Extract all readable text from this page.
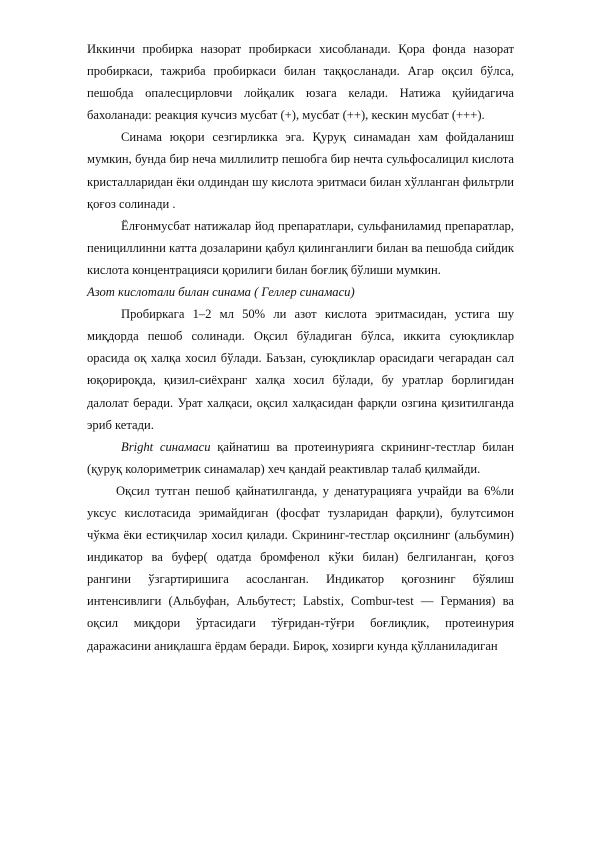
Иккинчи пробирка назорат пробиркаси хисобланади. Қора фонда назорат пробиркаси, тажриба пробиркаси билан таққосланади. Агар оқсил бўлса, пешобда опалесцирловчи лойқалик юзага келади. Натижа қуйидагича бахоланади: реакция кучсиз мусбат (+), мусбат (++), кескин мусбат (+++).

Синама юқори сезгирликка эга. Қуруқ синамадан хам фойдаланиш мумкин, бунда бир неча миллилитр пешобга бир нечта сульфосалицил кислота кристалларидан ёки олдиндан шу кислота эритмаси билан хўлланган фильтрли қоғоз солинади .

Ёлғонмусбат натижалар йод препаратлари, сульфаниламид препаратлар, пенициллинни катта дозаларини қабул қилинганлиги билан ва пешобда сийдик кислота концентрацияси қорилиги билан боғлиқ бўлиши мумкин.

Азот кислотали билан синама ( Геллер синамаси)

Пробиркага 1–2 мл 50% ли азот кислота эритмасидан, устига шу миқдорда пешоб солинади. Оқсил бўладиган бўлса, иккита суюқликлар орасида оқ халқа хосил бўлади. Баъзан, суюқликлар орасидаги чегарадан сал юқорироқда, қизил-сиёхранг халқа хосил бўлади, бу уратлар борлигидан далолат беради. Урат халқаси, оқсил халқасидан фарқли озгина қизитилганда эриб кетади.

Bright синамаси қайнатиш ва протеинурияга скрининг-тестлар билан (қуруқ колориметрик синамалар) хеч қандай реактивлар талаб қилмайди.

Оқсил тутган пешоб қайнатилганда, у денатурацияга учрайди ва 6%ли уксус кислотасида эримайдиган (фосфат тузларидан фарқли), булутсимон чўкма ёки естиқчилар хосил қилади. Скрининг-тестлар оқсилнинг (альбумин) индикатор ва буфер( одатда бромфенол кўки билан) белгиланган, қоғоз рангини ўзгартиришига асосланган. Индикатор қоғознинг бўялиш интенсивлиги (Альбуфан, Альбутест; Labstix, Combur-test — Германия) ва оқсил миқдори ўртасидаги тўғридан-тўғри боғлиқлик, протеинурия даражасини аниқлашга ёрдам беради. Бироқ, хозирги кунда қўлланиладиган
